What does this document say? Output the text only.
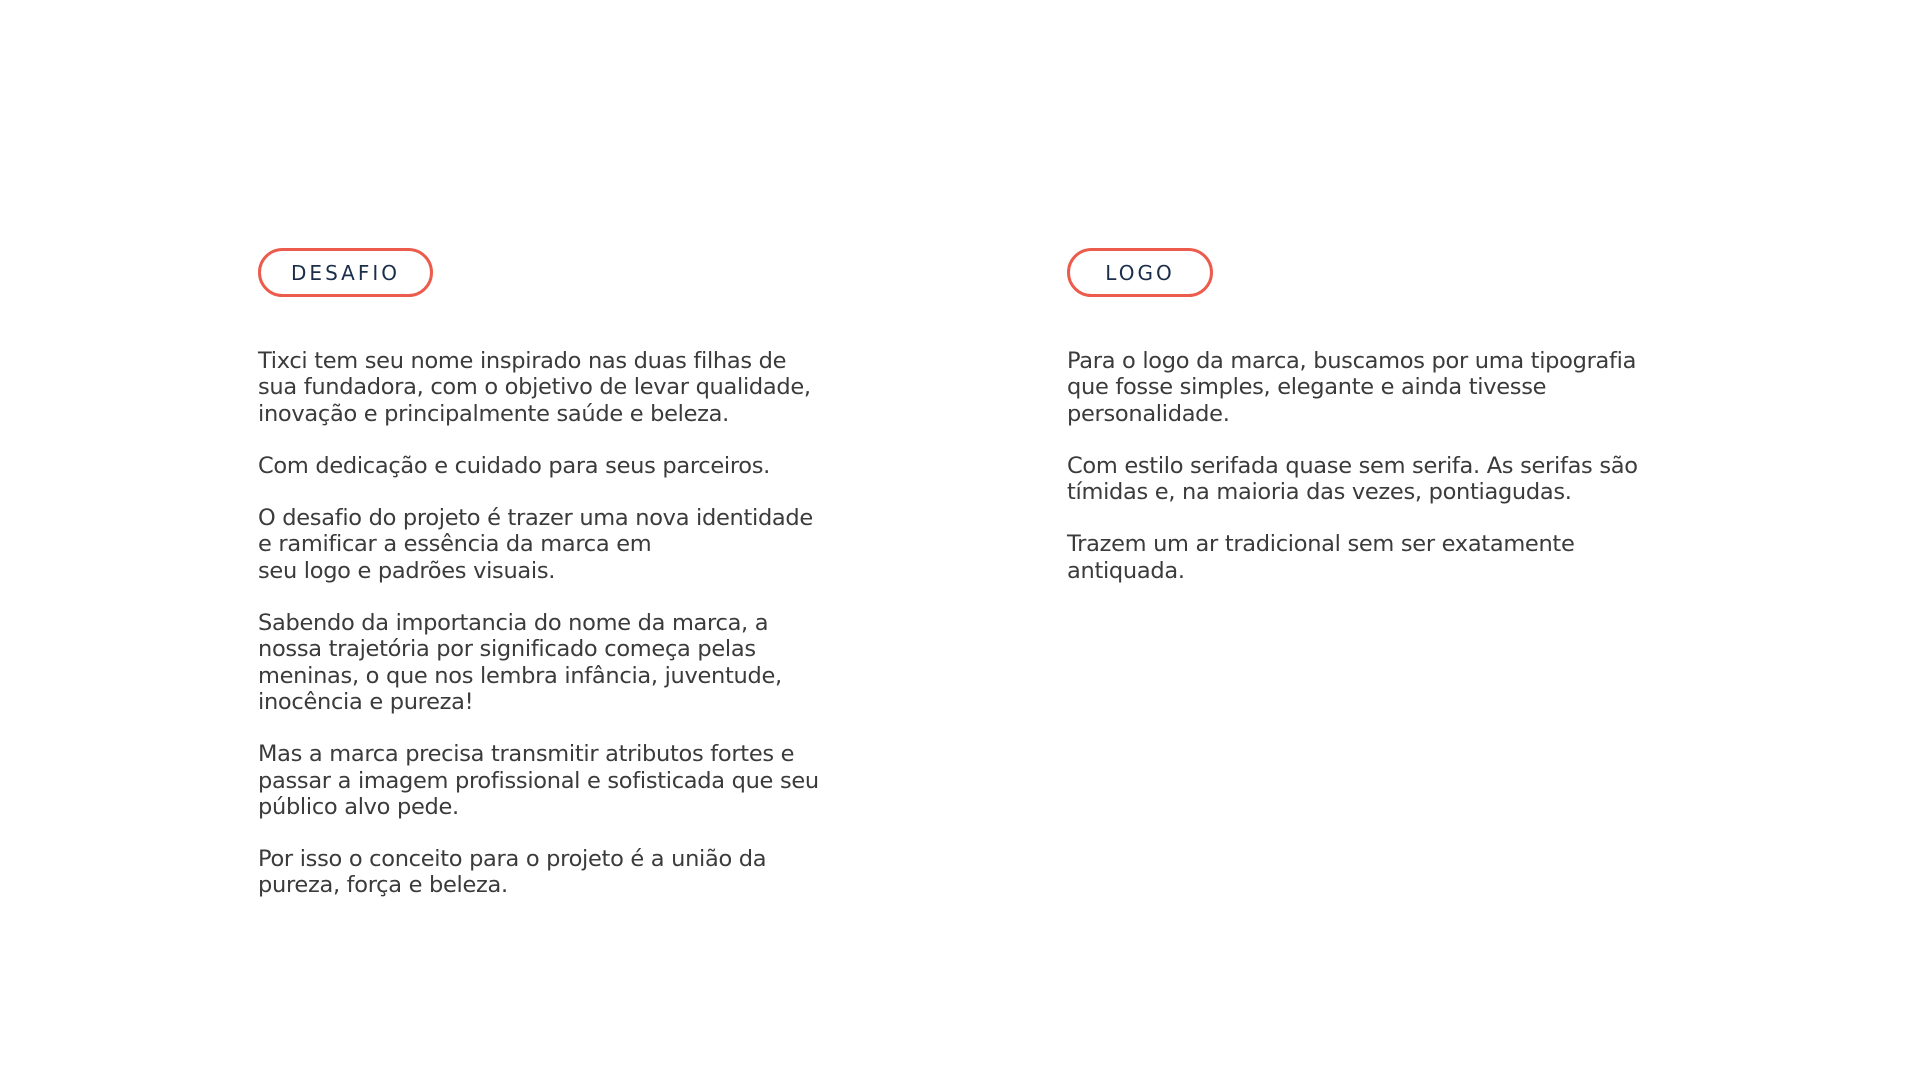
DESAFIO

Tixci tem seu nome inspirado nas duas filhas de
sua fundadora, com o objetivo de levar qualidade,
inovação e principalmente saúde e beleza.

Com dedicação e cuidado para seus parceiros.

O desafio do projeto é trazer uma nova identidade
e ramificar a essência da marca em
seu logo e padrões visuais.

Sabendo da importancia do nome da marca, a
nossa trajetória por significado começa pelas
meninas, o que nos lembra infância, juventude,
inocência e pureza!

Mas a marca precisa transmitir atributos fortes e
passar a imagem profissional e sofisticada que seu
público alvo pede.

Por isso o conceito para o projeto é a união da
pureza, força e beleza.

LOGO

Para o logo da marca, buscamos por uma tipografia
que fosse simples, elegante e ainda tivesse
personalidade.

Com estilo serifada quase sem serifa. As serifas são
tímidas e, na maioria das vezes, pontiagudas.

Trazem um ar tradicional sem ser exatamente
antiquada.
